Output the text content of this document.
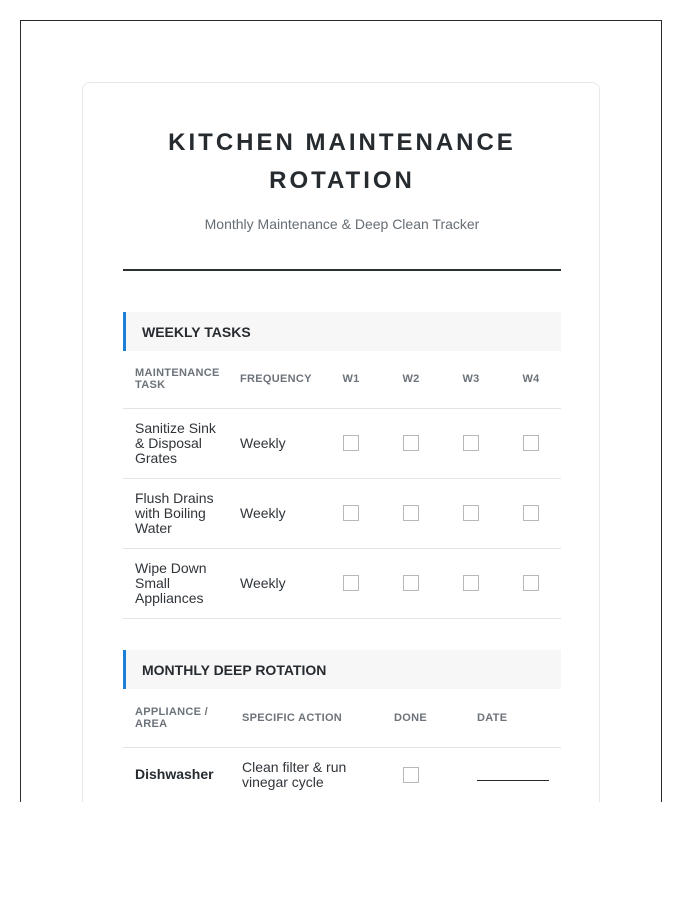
KITCHEN MAINTENANCE ROTATION

Monthly Maintenance & Deep Clean Tracker

WEEKLY TASKS
MAINTENANCE TASK	FREQUENCY	W1	W2	W3	W4
Sanitize Sink & Disposal Grates	Weekly				
Flush Drains with Boiling Water	Weekly				
Wipe Down Small Appliances	Weekly				
MONTHLY DEEP ROTATION
APPLIANCE / AREA	SPECIFIC ACTION	DONE	DATE
Dishwasher	Clean filter & run vinegar cycle		
